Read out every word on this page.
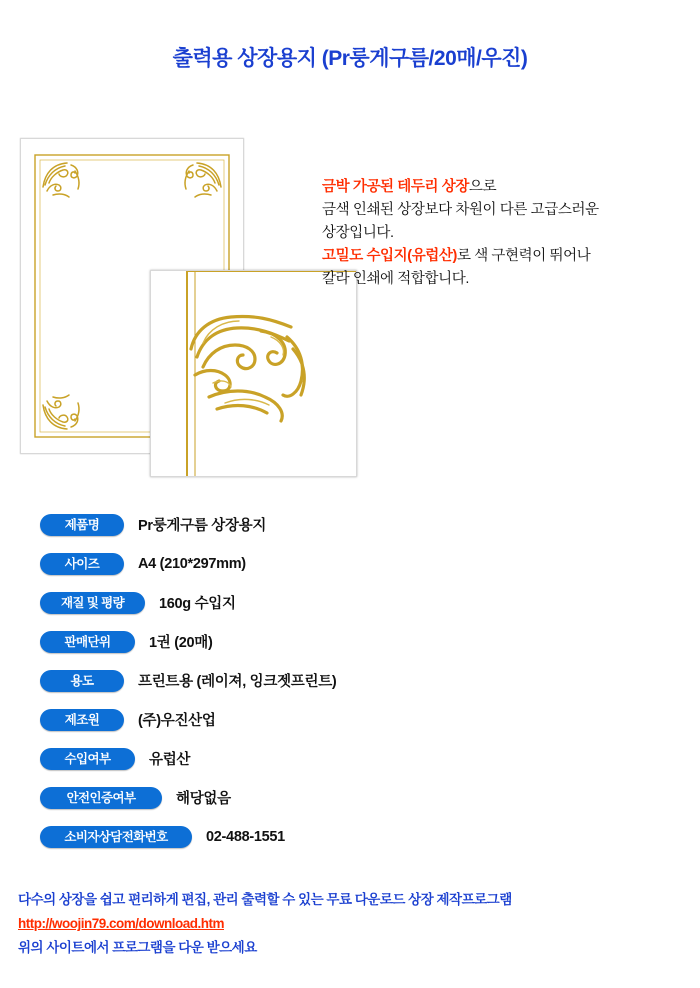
출력용 상장용지 (Pr룽게구름/20매/우진)
금박 가공된 테두리 상장으로
금색 인쇄된 상장보다 차원이 다른 고급스러운
상장입니다.
고밀도 수입지(유럽산)로 색 구현력이 뛰어나
칼라 인쇄에 적합합니다.
제품명	Pr룽게구름 상장용지
사이즈	A4 (210*297mm)
재질 및 평량	160g 수입지
판매단위	1권 (20매)
용도	프린트용 (레이져, 잉크젯프린트)
제조원	(주)우진산업
수입여부	유럽산
안전인증여부	해당없음
소비자상담전화번호	02-488-1551
다수의 상장을 쉽고 편리하게 편집, 관리 출력할 수 있는 무료 다운로드 상장 제작프로그램
http://woojin79.com/download.htm
위의 사이트에서 프로그램을 다운 받으세요
